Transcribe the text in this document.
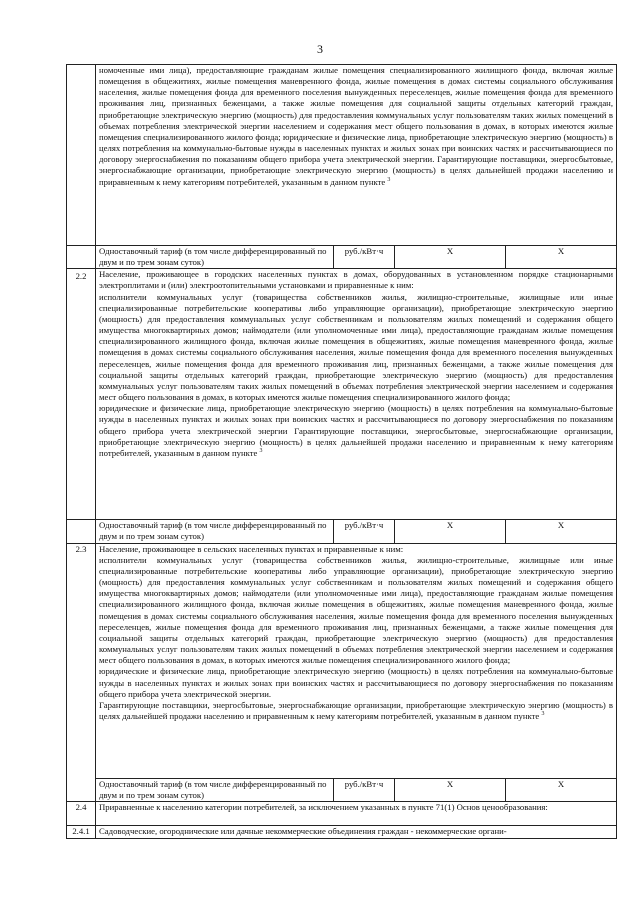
3
	номоченные ими лица), предоставляющие гражданам жилые помещения специализированного жилищного фонда, включая жилые помещения в общежитиях, жилые помещения маневренного фонда, жилые помещения в домах системы социального обслуживания населения, жилые помещения фонда для временного поселения вынужденных переселенцев, жилые помещения фонда для временного проживания лиц, признанных беженцами, а также жилые помещения для социальной защиты отдельных категорий граждан, приобретающие электрическую энергию (мощность) для предоставления коммунальных услуг пользователям таких жилых помещений в объемах потребления электрической энергии населением и содержания мест общего пользования в домах, в которых имеются жилые помещения специализированного жилого фонда; юридические и физические лица, приобретающие электрическую энергию (мощность) в целях потребления на коммунально-бытовые нужды в населенных пунктах и жилых зонах при воинских частях и рассчитывающиеся по договору энергоснабжения по показаниям общего прибора учета электрической энергии. Гарантирующие поставщики, энергосбытовые, энергоснабжающие организации, приобретающие электрическую энергию (мощность) в целях дальнейшей продажи населению и приравненным к нему категориям потребителей, указанным в данном пункте $^3$
	Одноставочный тариф (в том числе дифференцированный по двум и по трем зонам суток)	руб./кВт·ч	Х	Х
2.2	Население, проживающее в городских населенных пунктах в домах, оборудованных в установленном порядке стационарными электроплитами и (или) электроотопительными установками и приравненные к ним:
исполнители коммунальных услуг (товарищества собственников жилья, жилищно-строительные, жилищные или иные специализированные потребительские кооперативы либо управляющие организации), приобретающие электрическую энергию (мощность) для предоставления коммунальных услуг собственникам и пользователям жилых помещений и содержания общего имущества многоквартирных домов; наймодатели (или уполномоченные ими лица), предоставляющие гражданам жилые помещения специализированного жилищного фонда, включая жилые помещения в общежитиях, жилые помещения маневренного фонда, жилые помещения в домах системы социального обслуживания населения, жилые помещения фонда для временного поселения вынужденных переселенцев, жилые помещения фонда для временного проживания лиц, признанных беженцами, а также жилые помещения для социальной защиты отдельных категорий граждан, приобретающие электрическую энергию (мощность) для предоставления коммунальных услуг пользователям таких жилых помещений в объемах потребления электрической энергии населением и содержания мест общего пользования в домах, в которых имеются жилые помещения специализированного жилого фонда;
юридические и физические лица, приобретающие электрическую энергию (мощность) в целях потребления на коммунально-бытовые нужды в населенных пунктах и жилых зонах при воинских частях и рассчитывающиеся по договору энергоснабжения по показаниям общего прибора учета электрической энергии Гарантирующие поставщики, энергосбытовые, энергоснабжающие организации, приобретающие электрическую энергию (мощность) в целях дальнейшей продажи населению и приравненным к нему категориям потребителей, указанным в данном пункте $^3$
	Одноставочный тариф (в том числе дифференцированный по двум и по трем зонам суток)	руб./кВт·ч	Х	Х
2.3	Население, проживающее в сельских населенных пунктах и приравненные к ним:
исполнители коммунальных услуг (товарищества собственников жилья, жилищно-строительные, жилищные или иные специализированные потребительские кооперативы либо управляющие организации), приобретающие электрическую энергию (мощность) для предоставления коммунальных услуг собственникам и пользователям жилых помещений и содержания общего имущества многоквартирных домов; наймодатели (или уполномоченные ими лица), предоставляющие гражданам жилые помещения специализированного жилищного фонда, включая жилые помещения в общежитиях, жилые помещения маневренного фонда, жилые помещения в домах системы социального обслуживания населения, жилые помещения фонда для временного поселения вынужденных переселенцев, жилые помещения фонда для временного проживания лиц, признанных беженцами, а также жилые помещения для социальной защиты отдельных категорий граждан, приобретающие электрическую энергию (мощность) для предоставления коммунальных услуг пользователям таких жилых помещений в объемах потребления электрической энергии населением и содержания мест общего пользования в домах, в которых имеются жилые помещения специализированного жилого фонда;
юридические и физические лица, приобретающие электрическую энергию (мощность) в целях потребления на коммунально-бытовые нужды в населенных пунктах и жилых зонах при воинских частях и рассчитывающиеся по договору энергоснабжения по показаниям общего прибора учета электрической энергии.
Гарантирующие поставщики, энергосбытовые, энергоснабжающие организации, приобретающие электрическую энергию (мощность) в целях дальнейшей продажи населению и приравненным к нему категориям потребителей, указанным в данном пункте $^3$
	Одноставочный тариф (в том числе дифференцированный по двум и по трем зонам суток)	руб./кВт·ч	Х	Х
2.4	Приравненные к населению категории потребителей, за исключением указанных в пункте 71(1) Основ ценообразования:			
2.4.1	Садоводческие, огороднические или дачные некоммерческие объединения граждан - некоммерческие органи-			
